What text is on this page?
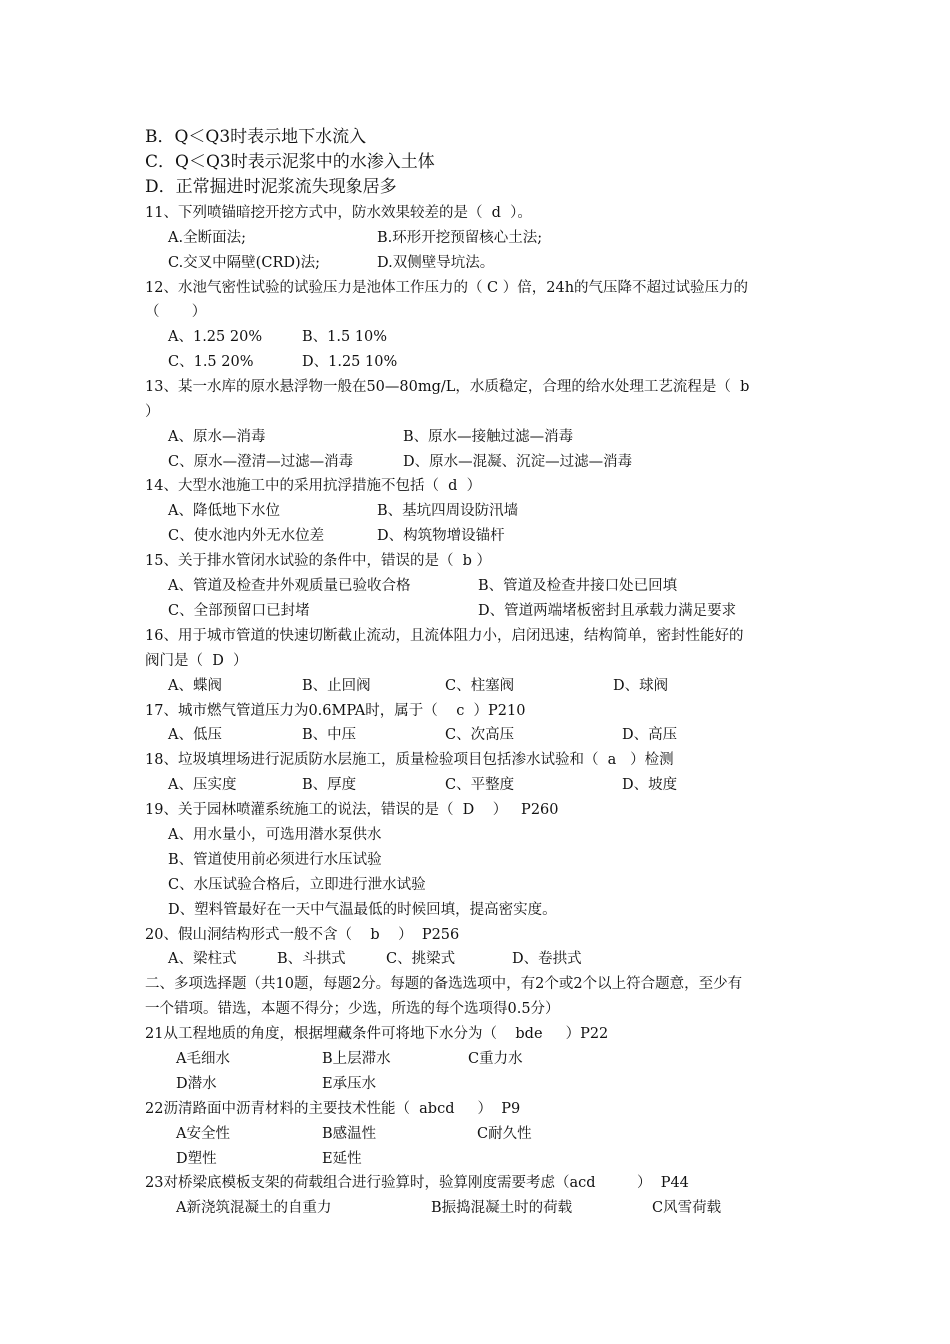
B．Q＜Q3时表示地下水流入
C．Q＜Q3时表示泥浆中的水渗入土体
D．正常掘进时泥浆流失现象居多
11、下列喷锚暗挖开挖方式中，防水效果较差的是（  d  ）。
A.全断面法;	B.环形开挖预留核心土法;
C.交叉中隔壁(CRD)法;	D.双侧壁导坑法。
12、水池气密性试验的试验压力是池体工作压力的（ C ）倍，24h的气压降不超过试验压力的
（       ）
A、1.25 20%	B、1.5 10%
C、1.5 20%	D、1.25 10%
13、某一水库的原水悬浮物一般在50—80mg/L，水质稳定，合理的给水处理工艺流程是（  b
）
A、原水—消毒	B、原水—接触过滤—消毒
C、原水—澄清—过滤—消毒	D、原水—混凝、沉淀—过滤—消毒
14、大型水池施工中的采用抗浮措施不包括（  d  ）
A、降低地下水位	B、基坑四周设防汛墙
C、使水池内外无水位差	D、构筑物增设锚杆
15、关于排水管闭水试验的条件中，错误的是（  b ）
A、管道及检查井外观质量已验收合格	B、管道及检查井接口处已回填
C、全部预留口已封堵	D、管道两端堵板密封且承载力满足要求
16、用于城市管道的快速切断截止流动，且流体阻力小，启闭迅速，结构简单，密封性能好的
阀门是（  D  ）
A、蝶阀	B、止回阀	C、柱塞阀	D、球阀
17、城市燃气管道压力为0.6MPA时，属于（    c  ）P210
A、低压	B、中压	C、次高压	D、高压
18、垃圾填埋场进行泥质防水层施工，质量检验项目包括渗水试验和（  a   ）检测
A、压实度	B、厚度	C、平整度	D、坡度
19、关于园林喷灌系统施工的说法，错误的是（  D    ）   P260
A、用水量小，可选用潜水泵供水
B、管道使用前必须进行水压试验
C、水压试验合格后，立即进行泄水试验
D、塑料管最好在一天中气温最低的时候回填，提高密实度。
20、假山洞结构形式一般不含（    b    ）  P256
A、梁柱式	B、斗拱式	C、挑梁式	D、卷拱式
二、多项选择题（共10题，每题2分。每题的备选选项中，有2个或2个以上符合题意，至少有
一个错项。错选，本题不得分；少选，所选的每个选项得0.5分）
21从工程地质的角度，根据埋藏条件可将地下水分为（    bde     ）P22
A毛细水	B上层滞水	C重力水
D潜水	E承压水
22沥清路面中沥青材料的主要技术性能（  abcd     ）  P9
A安全性	B感温性	C耐久性
D塑性	E延性
23对桥梁底模板支架的荷载组合进行验算时，验算刚度需要考虑（acd         ）  P44
A新浇筑混凝土的自重力	B振捣混凝土时的荷载	C风雪荷载
